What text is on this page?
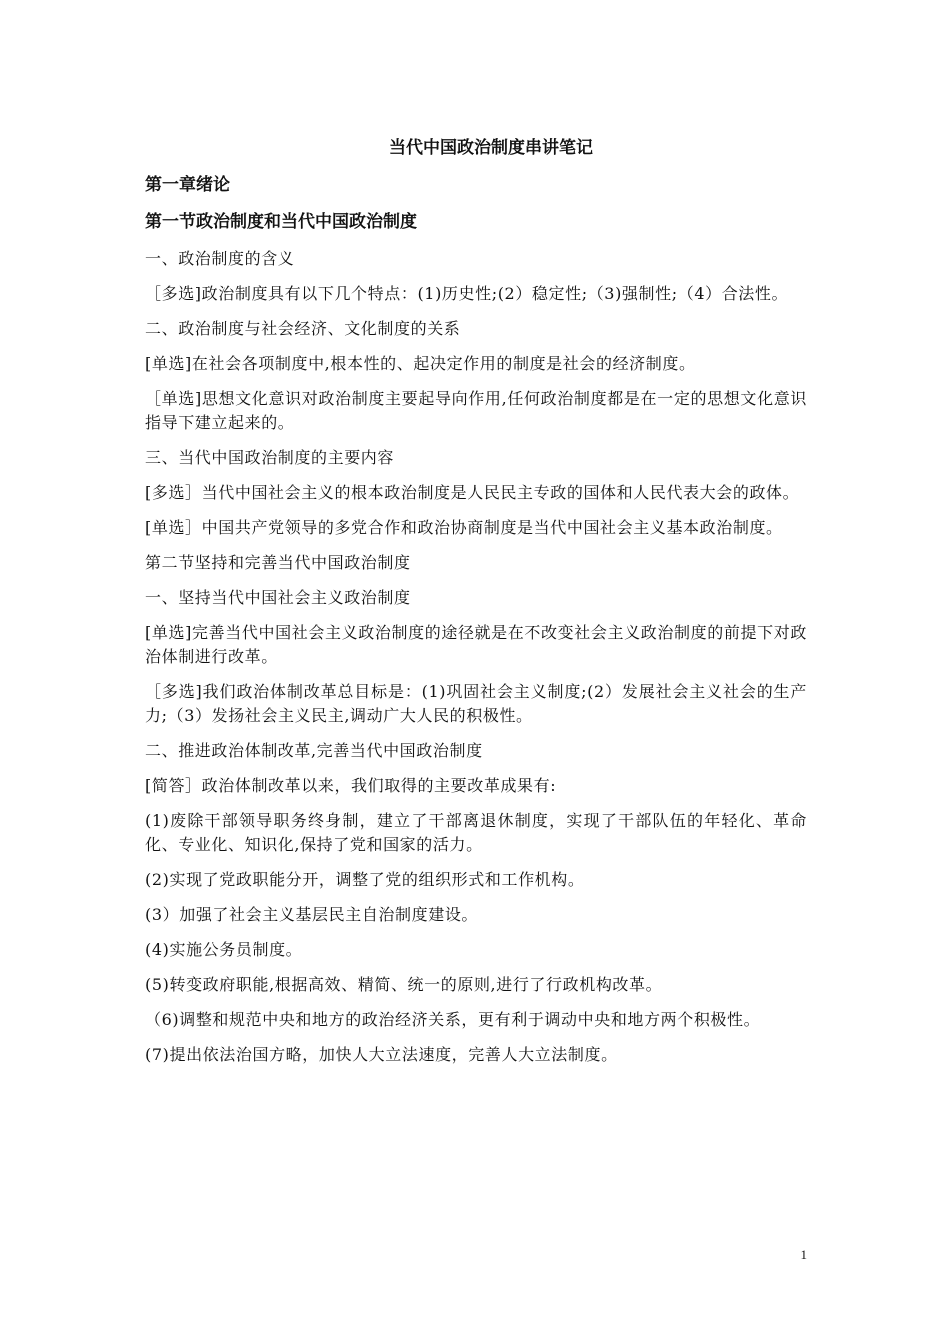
当代中国政治制度串讲笔记
第一章绪论
第一节政治制度和当代中国政治制度

一、政治制度的含义

［多选]政治制度具有以下几个特点：(1)历史性;(2）稳定性;（3)强制性;（4）合法性。

二、政治制度与社会经济、文化制度的关系

[单选]在社会各项制度中,根本性的、起决定作用的制度是社会的经济制度。

［单选]思想文化意识对政治制度主要起导向作用,任何政治制度都是在一定的思想文化意识指导下建立起来的。

三、当代中国政治制度的主要内容

[多选］当代中国社会主义的根本政治制度是人民民主专政的国体和人民代表大会的政体。

[单选］中国共产党领导的多党合作和政治协商制度是当代中国社会主义基本政治制度。

第二节坚持和完善当代中国政治制度

一、坚持当代中国社会主义政治制度

[单选]完善当代中国社会主义政治制度的途径就是在不改变社会主义政治制度的前提下对政治体制进行改革。

［多选]我们政治体制改革总目标是：(1)巩固社会主义制度;(2）发展社会主义社会的生产力;（3）发扬社会主义民主,调动广大人民的积极性。

二、推进政治体制改革,完善当代中国政治制度

[简答］政治体制改革以来，我们取得的主要改革成果有:

(1)废除干部领导职务终身制，建立了干部离退休制度，实现了干部队伍的年轻化、革命化、专业化、知识化,保持了党和国家的活力。

(2)实现了党政职能分开，调整了党的组织形式和工作机构。

(3）加强了社会主义基层民主自治制度建设。

(4)实施公务员制度。

(5)转变政府职能,根据高效、精简、统一的原则,进行了行政机构改革。

（6)调整和规范中央和地方的政治经济关系，更有利于调动中央和地方两个积极性。

(7)提出依法治国方略，加快人大立法速度，完善人大立法制度。

1
